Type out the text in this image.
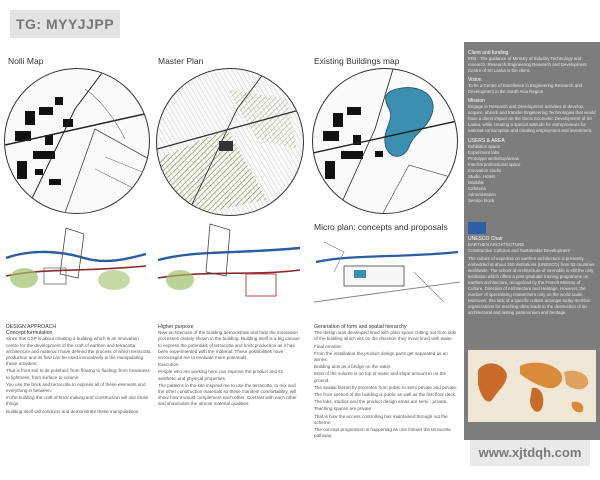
TG: MYYJJPP
www.xjtdqh.com
Nolli Map	Master Plan	Existing Buildings map
Micro plan: concepts and proposals
DESIGN APPROACH
Concept formulation

Since this CSP is about creating a building which is an innovation centre for the development of the craft of earthen and terracotta architecture and material I have defined the process of which terracotta production and its flow can be used innovatively in the manipulating these activities.

That is from soil to its polished: from flowing to fluiding; from heaviness to lightness; from surface to volume

You use the brick and terracotta to express all of these elements and everything in between.

In the building the craft of brick making and construction will use these things.

Building itself will conducts and demonstrate these manipulations.

Higher purpose

New architecture of the building demonstrate and help the innovation processes closely shown in the building. Building itself is a big canvas to express the potentials of terracotta and brick production as it has been experimented with the material. These possibilities have encouraged me to evaluate more potentials.

Execution

People who are working here can improve the product and its aesthetic and physical properties.

The patterns in the site inspired me to use the terracotta, to mix and the other construction materials so these manifest comfortability, will show how it would complement each other. Contrast with each other and showcases the utmost material qualities.

Generation of form and spatial hierarchy

The design was developed lined with plain space cutting out from side of the building which sits on the direction they move lined with water.

Final emotion

From the installation the product design parts get separated as an annex.

Building acts as a bridge on the water.

Most of the volume is on top of water and slope amount to on the ground.

The spatial hierarchy promotes from public to semi private and private.

The front section of the building is public as well as the first floor deck.

The labs, studios and the product design areas are semi - private.

Teaching spaces are private.

That is how the access controlling has maintained through out the scheme.

The concept progression is happening as one follows the terracotta pathway.

Client and funding
IRM - The guidance of Ministry of Industry Technology and research. Research Engineering Research and Development Centre of Sri Lanka is the client.
Vision
To be a Centre of Excellence in Engineering Research and Development in the South Asia Region
Mission
Engage in Research and Development activities to develop, acquire, absorb and transfer Engineering Technologies that would have a direct impact on the Socio Economic Development of Sri Lanka, while creating a special aptitude for entrepreneurs for national consumption and creating employment and investment.
USERS & AREA
Exhibition space
Experiment labs
Prototype workshop/areas
Internal professional space
Innovation studio
Studio, Hotels
Modular
Cafeteria
Administration
Service block
UNESCO Chair
EARTHEN ARCHITECTURE
Constructive Cultures and Sustainable Development
The culture of expertise on earthen architecture is presently embedded at about 150 institutions (UNESCO) from 52 countries worldwide. The school of Architecture of Grenoble is still the only institution which offers a post graduate training programme on earthen architecture, recognized by the French Ministry of Culture, Direction of Architecture and Heritage. However, the number of specialising researchers only on the world scale. Moreover, this lack of a specific culture amongst today member organizations for teaching often leads to the destruction of an architectural and lasting patrimonium and heritage.
